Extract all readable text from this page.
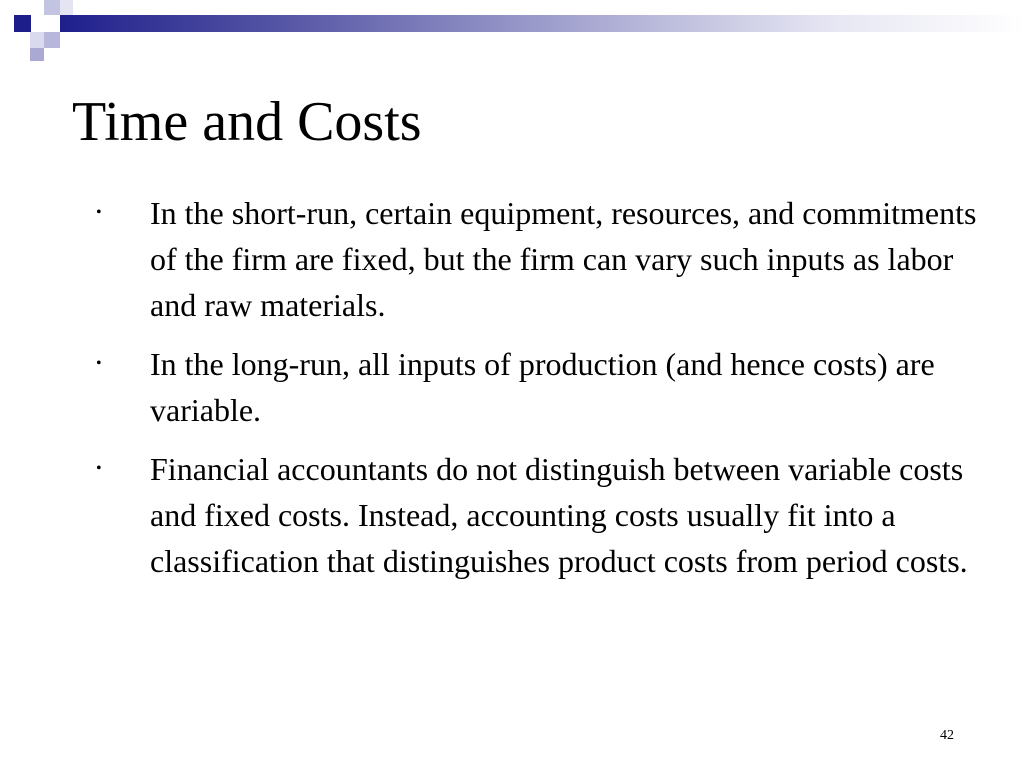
Time and Costs
• In the short-run, certain equipment, resources, and commitments of the firm are fixed, but the firm can vary such inputs as labor and raw materials.
• In the long-run, all inputs of production (and hence costs) are variable.
• Financial accountants do not distinguish between variable costs and fixed costs. Instead, accounting costs usually fit into a classification that distinguishes product costs from period costs.
42
